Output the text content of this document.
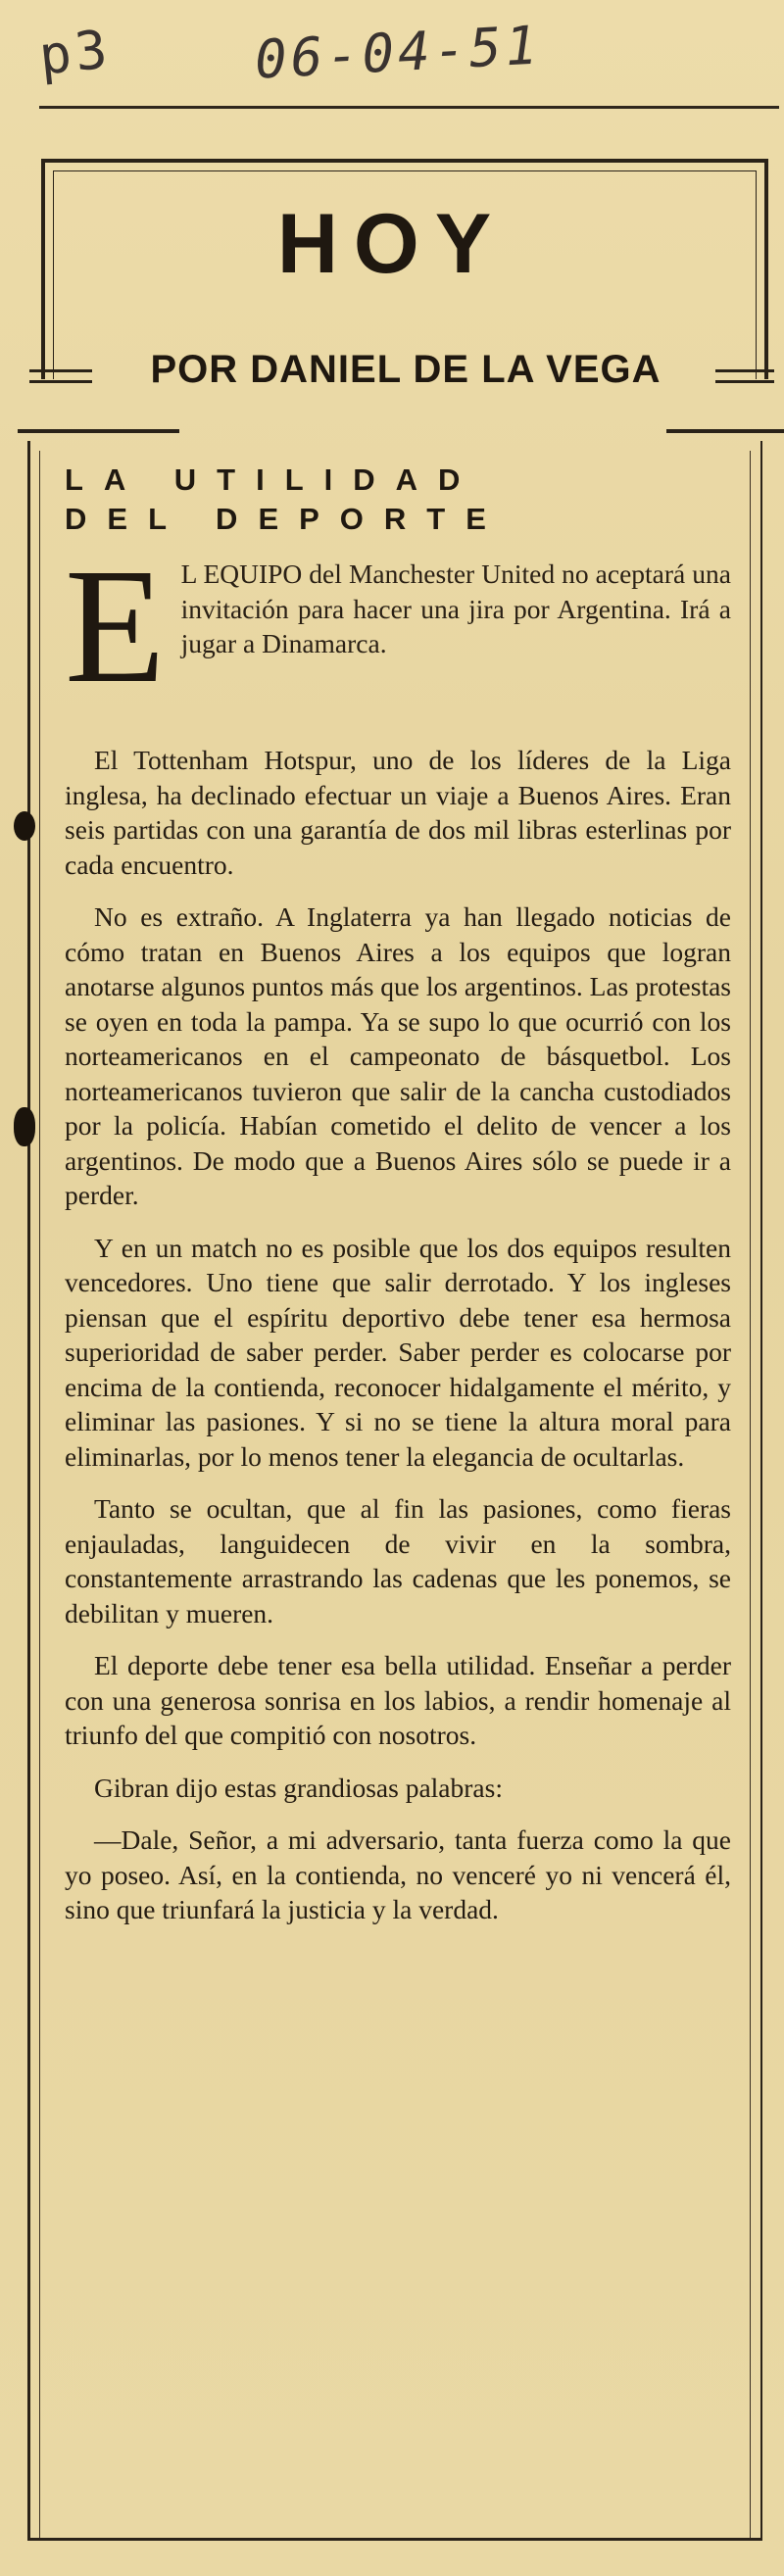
p3	06-04-51
HOY
POR DANIEL DE LA VEGA
LA UTILIDAD
DEL DEPORTE
E L EQUIPO del Manchester United no aceptará una invitación para hacer una jira por Argentina. Irá a jugar a Dinamarca.

El Tottenham Hotspur, uno de los líderes de la Liga inglesa, ha declinado efectuar un viaje a Buenos Aires. Eran seis partidas con una garantía de dos mil libras esterlinas por cada encuentro.

No es extraño. A Inglaterra ya han llegado noticias de cómo tratan en Buenos Aires a los equipos que logran anotarse algunos puntos más que los argentinos. Las protestas se oyen en toda la pampa. Ya se supo lo que ocurrió con los norteamericanos en el campeonato de básquetbol. Los norteamericanos tuvieron que salir de la cancha custodiados por la policía. Habían cometido el delito de vencer a los argentinos. De modo que a Buenos Aires sólo se puede ir a perder.

Y en un match no es posible que los dos equipos resulten vencedores. Uno tiene que salir derrotado. Y los ingleses piensan que el espíritu deportivo debe tener esa hermosa superioridad de saber perder. Saber perder es colocarse por encima de la contienda, reconocer hidalgamente el mérito, y eliminar las pasiones. Y si no se tiene la altura moral para eliminarlas, por lo menos tener la elegancia de ocultarlas.

Tanto se ocultan, que al fin las pasiones, como fieras enjauladas, languidecen de vivir en la sombra, constantemente arrastrando las cadenas que les ponemos, se debilitan y mueren.

El deporte debe tener esa bella utilidad. Enseñar a perder con una generosa sonrisa en los labios, a rendir homenaje al triunfo del que compitió con nosotros.

Gibran dijo estas grandiosas palabras:

—Dale, Señor, a mi adversario, tanta fuerza como la que yo poseo. Así, en la contienda, no venceré yo ni vencerá él, sino que triunfará la justicia y la verdad.
